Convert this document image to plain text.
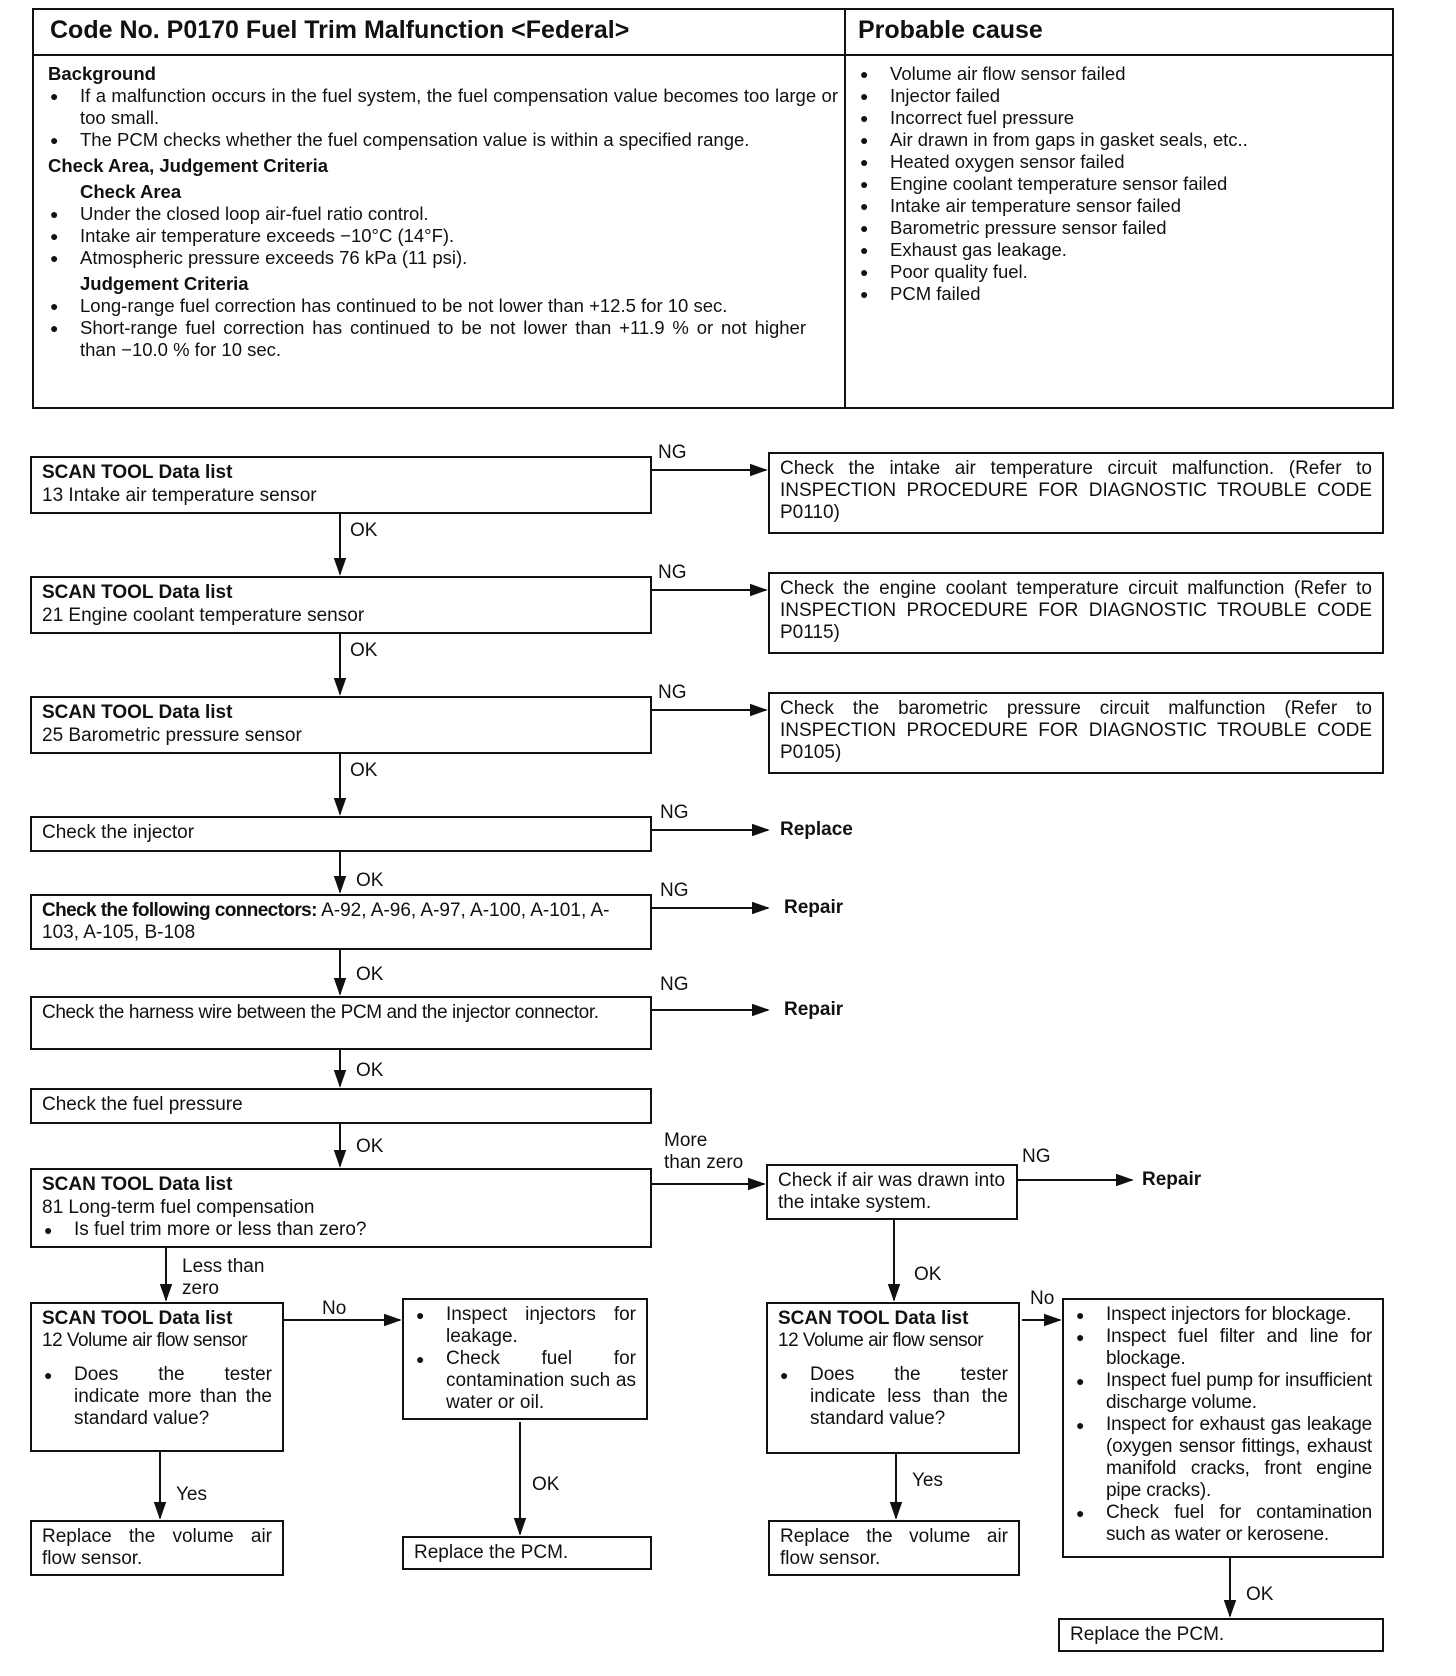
Code No. P0170 Fuel Trim Malfunction <Federal>	Probable cause
Background
● If a malfunction occurs in the fuel system, the fuel compensation value becomes too large or too small.
● The PCM checks whether the fuel compensation value is within a specified range.
Check Area, Judgement Criteria
Check Area
● Under the closed loop air-fuel ratio control.
● Intake air temperature exceeds −10°C (14°F).
● Atmospheric pressure exceeds 76 kPa (11 psi).
Judgement Criteria
● Long-range fuel correction has continued to be not lower than +12.5 for 10 sec.
● Short-range fuel correction has continued to be not lower than +11.9 % or not higher than −10.0 % for 10 sec.
● Volume air flow sensor failed
● Injector failed
● Incorrect fuel pressure
● Air drawn in from gaps in gasket seals, etc..
● Heated oxygen sensor failed
● Engine coolant temperature sensor failed
● Intake air temperature sensor failed
● Barometric pressure sensor failed
● Exhaust gas leakage.
● Poor quality fuel.
● PCM failed
SCAN TOOL Data list
13 Intake air temperature sensor
SCAN TOOL Data list
21 Engine coolant temperature sensor
SCAN TOOL Data list
25 Barometric pressure sensor
Check the injector
Check the following connectors: A-92, A-96, A-97, A-100, A-101, A-103, A-105, B-108
Check the harness wire between the PCM and the injector connector.
Check the fuel pressure
SCAN TOOL Data list
81 Long-term fuel compensation
● Is fuel trim more or less than zero?
Check the intake air temperature circuit malfunction. (Refer to INSPECTION PROCEDURE FOR DIAGNOSTIC TROUBLE CODE P0110)
Check the engine coolant temperature circuit malfunction (Refer to INSPECTION PROCEDURE FOR DIAGNOSTIC TROUBLE CODE P0115)
Check the barometric pressure circuit malfunction (Refer to INSPECTION PROCEDURE FOR DIAGNOSTIC TROUBLE CODE P0105)
Replace
Repair
Repair
Repair
NG
NG
NG
NG
NG
NG
NG
OK
OK
OK
OK
OK
OK
OK
OK
OK
OK
More than zero
Less than zero
No	No
Yes
Yes
Check if air was drawn into the intake system.
SCAN TOOL Data list
12 Volume air flow sensor
● Does the tester indicate more than the standard value?
● Inspect injectors for leakage.
● Check fuel for contamination such as water or oil.
SCAN TOOL Data list
12 Volume air flow sensor
● Does the tester indicate less than the standard value?
● Inspect injectors for blockage.
● Inspect fuel filter and line for blockage.
● Inspect fuel pump for insufficient discharge volume.
● Inspect for exhaust gas leakage (oxygen sensor fittings, exhaust manifold cracks, front engine pipe cracks).
● Check fuel for contamination such as water or kerosene.
Replace the volume air flow sensor.	Replace the PCM.
Replace the volume air flow sensor.
Replace the PCM.
